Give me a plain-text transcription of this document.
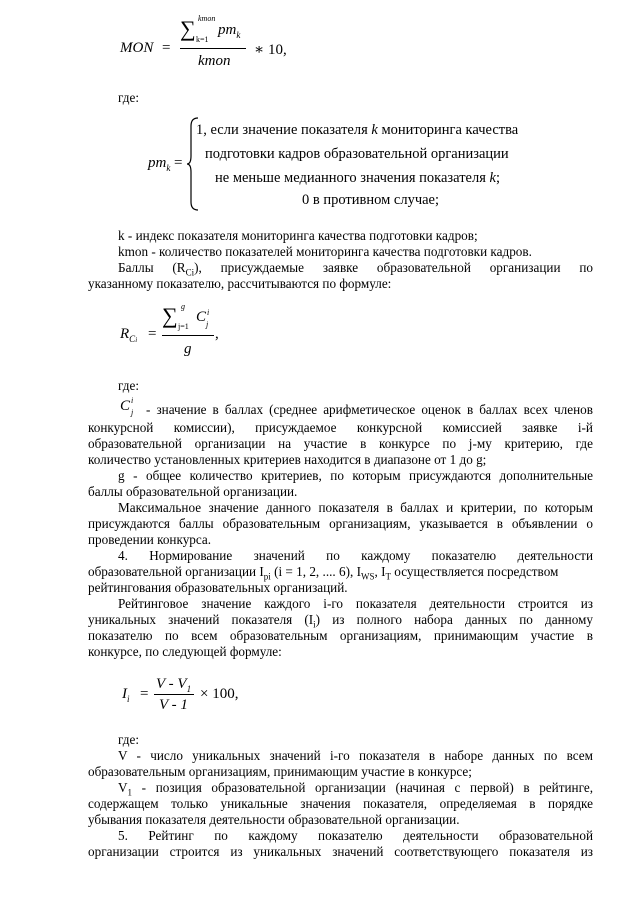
MON =
∑ kmon
k=1
$pm_k$
kmon
∗ 10,
где:
$pm_k$ =
1, если значение показателя k мониторинга качества
подготовки кадров образовательной организации
не меньше медианного значения показателя k;
0 в противном случае;
k - индекс показателя мониторинга качества подготовки кадров;
kmon - количество показателей мониторинга качества подготовки кадров.
Баллы $(R_{Ci})$, присуждаемые заявке образовательной организации по
указанному показателю, рассчитываются по формуле:
$R_{Ci}$ =
∑ g
j=1
C i
j
g
,
где:
C i
j - значение в баллах (среднее арифметическое оценок в баллах всех членов
конкурсной комиссии), присуждаемое конкурсной комиссией заявке i-й
образовательной организации на участие в конкурсе по j-му критерию, где
количество установленных критериев находится в диапазоне от 1 до g;
g - общее количество критериев, по которым присуждаются дополнительные
баллы образовательной организации.
Максимальное значение данного показателя в баллах и критерии, по которым
присуждаются баллы образовательным организациям, указывается в объявлении о
проведении конкурса.
4. Нормирование значений по каждому показателю деятельности
образовательной организации $I_{pi}$ (i = 1, 2, .... 6), $I_{WS}$, $I_T$ осуществляется посредством
рейтингования образовательных организаций.
Рейтинговое значение каждого i-го показателя деятельности строится из
уникальных значений показателя $(I_i)$ из полного набора данных по данному
показателю по всем образовательным организациям, принимающим участие в
конкурсе, по следующей формуле:
$I_i$ =
V - $V_1$
V - 1
× 100,
где:
V - число уникальных значений i-го показателя в наборе данных по всем
образовательным организациям, принимающим участие в конкурсе;
$V_1$ - позиция образовательной организации (начиная с первой) в рейтинге,
содержащем только уникальные значения показателя, определяемая в порядке
убывания показателя деятельности образовательной организации.
5. Рейтинг по каждому показателю деятельности образовательной
организации строится из уникальных значений соответствующего показателя из
